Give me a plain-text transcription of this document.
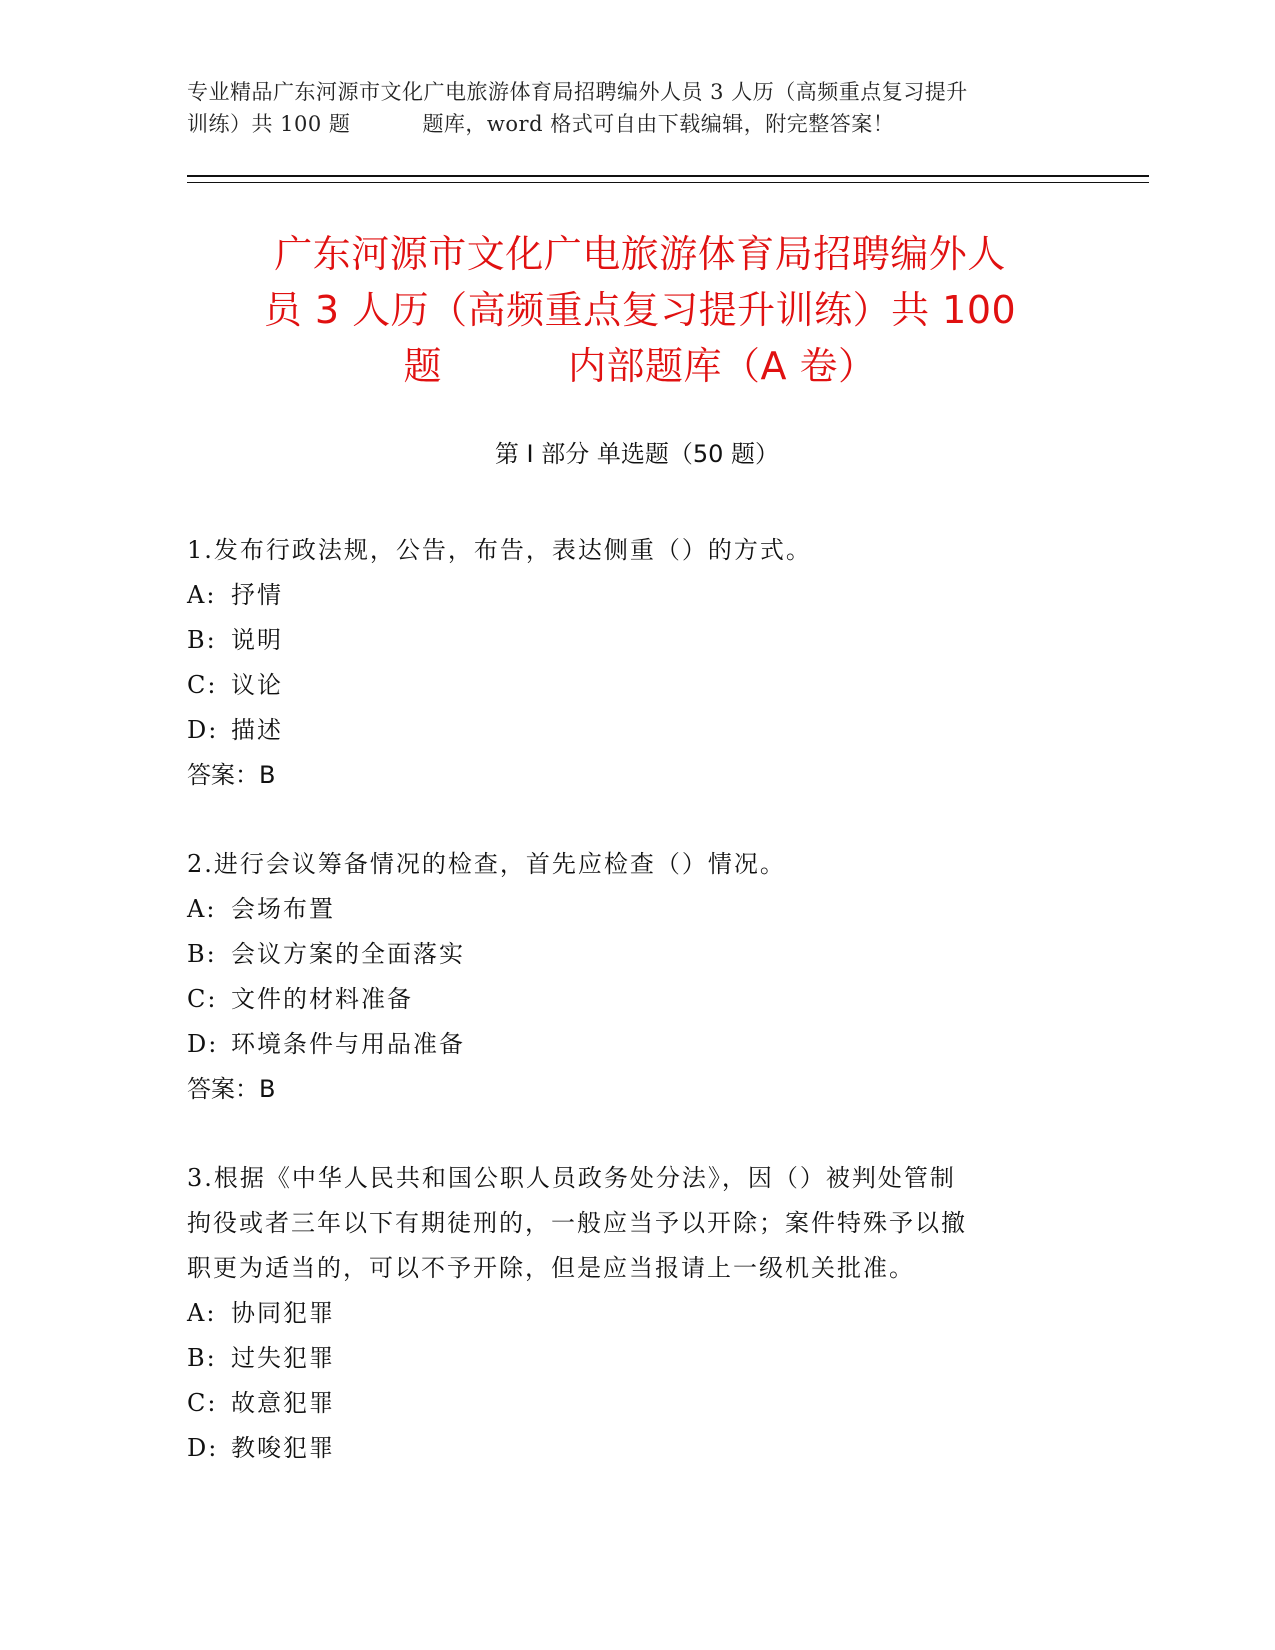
专业精品广东河源市文化广电旅游体育局招聘编外人员 3 人历（高频重点复习提升
训练）共 100 题	题库，word 格式可自由下载编辑，附完整答案！
广东河源市文化广电旅游体育局招聘编外人
员 3 人历（高频重点复习提升训练）共 100
题	内部题库（A 卷）
第 I 部分 单选题（50 题）
1.发布行政法规，公告，布告，表达侧重（）的方式。
A: 抒情
B: 说明
C: 议论
D: 描述
答案：B
2.进行会议筹备情况的检查，首先应检查（）情况。
A: 会场布置
B: 会议方案的全面落实
C: 文件的材料准备
D: 环境条件与用品准备
答案：B
3.根据《中华人民共和国公职人员政务处分法》，因（）被判处管制
拘役或者三年以下有期徒刑的，一般应当予以开除；案件特殊予以撤
职更为适当的，可以不予开除，但是应当报请上一级机关批准。
A: 协同犯罪
B: 过失犯罪
C: 故意犯罪
D: 教唆犯罪
